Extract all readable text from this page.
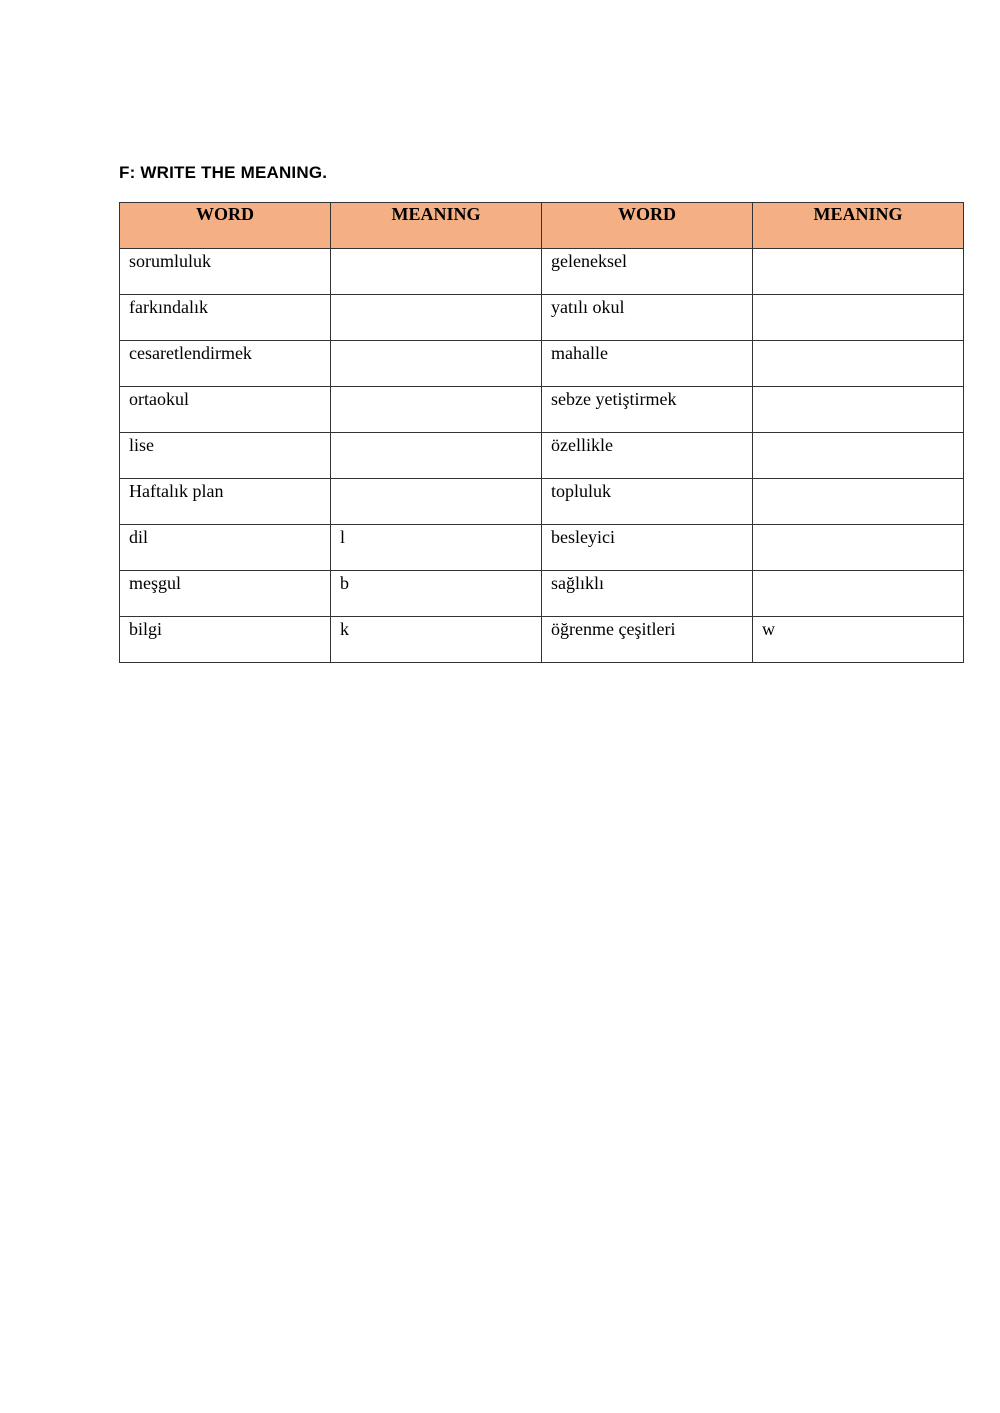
F: WRITE THE MEANING.
WORD	MEANING	WORD	MEANING
sorumluluk		geleneksel	
farkındalık		yatılı okul	
cesaretlendirmek		mahalle	
ortaokul		sebze yetiştirmek	
lise		özellikle	
Haftalık plan		topluluk	
dil	l	besleyici	
meşgul	b	sağlıklı	
bilgi	k	öğrenme çeşitleri	w
